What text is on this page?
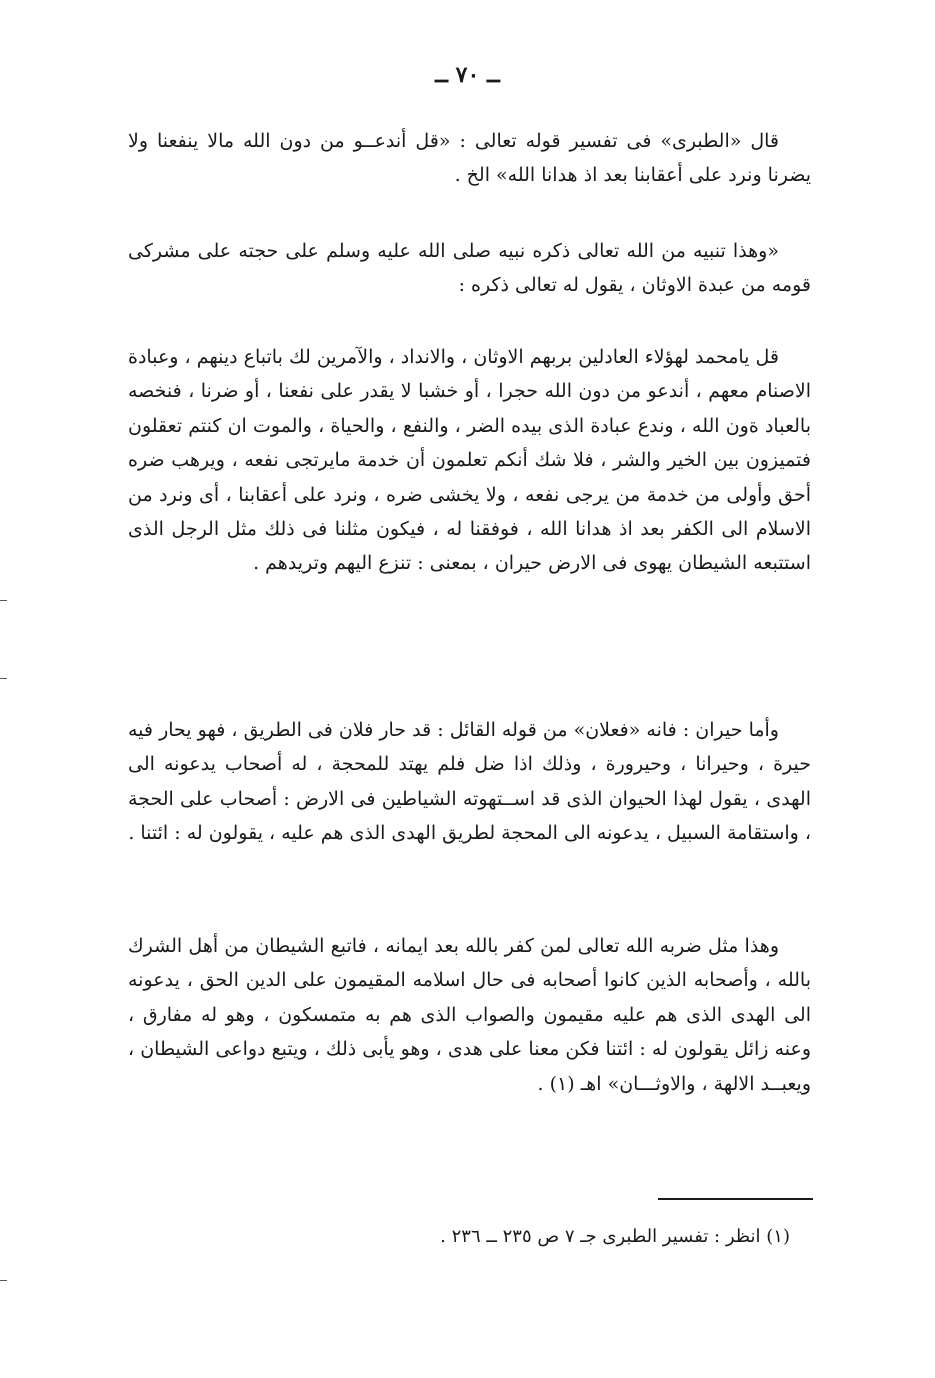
ــ ٧٠ ــ

قال «الطبرى» فى تفسير قوله تعالى : «قل أندعــو من دون الله مالا ينفعنا ولا يضرنا ونرد على أعقابنا بعد اذ هدانا الله» الخ .

«وهذا تنبيه من الله تعالى ذكره نبيه صلى الله عليه وسلم على حجته على مشركى قومه من عبدة الاوثان ، يقول له تعالى ذكره :

قل يامحمد لهؤلاء العادلين بربهم الاوثان ، والانداد ، والآمرين لك باتباع دينهم ، وعبادة الاصنام معهم ، أندعو من دون الله حجرا ، أو خشبا لا يقدر على نفعنا ، أو ضرنا ، فنخصه بالعباد ةون الله ، وندع عبادة الذى بيده الضر ، والنفع ، والحياة ، والموت ان كنتم تعقلون فتميزون بين الخير والشر ، فلا شك أنكم تعلمون أن خدمة مايرتجى نفعه ، ويرهب ضره أحق وأولى من خدمة من يرجى نفعه ، ولا يخشى ضره ، ونرد على أعقابنا ، أى ونرد من الاسلام الى الكفر بعد اذ هدانا الله ، فوفقنا له ، فيكون مثلنا فى ذلك مثل الرجل الذى استتبعه الشيطان يهوى فى الارض حيران ، بمعنى : تنزع اليهم وتريدهم .

وأما حيران : فانه «فعلان» من قوله القائل : قد حار فلان فى الطريق ، فهو يحار فيه حيرة ، وحيرانا ، وحيرورة ، وذلك اذا ضل فلم يهتد للمحجة ، له أصحاب يدعونه الى الهدى ، يقول لهذا الحيوان الذى قد اســتهوته الشياطين فى الارض : أصحاب على الحجة ، واستقامة السبيل ، يدعونه الى المحجة لطريق الهدى الذى هم عليه ، يقولون له : ائتنا .

وهذا مثل ضربه الله تعالى لمن كفر بالله بعد ايمانه ، فاتبع الشيطان من أهل الشرك بالله ، وأصحابه الذين كانوا أصحابه فى حال اسلامه المقيمون على الدين الحق ، يدعونه الى الهدى الذى هم عليه مقيمون والصواب الذى هم به متمسكون ، وهو له مفارق ، وعنه زائل يقولون له : ائتنا فكن معنا على هدى ، وهو يأبى ذلك ، ويتبع دواعى الشيطان ، ويعبــد الالهة ، والاوثـــان» اهـ (١) .

(١) انظر : تفسير الطبرى جـ ٧ ص ٢٣٥ ــ ٢٣٦ .
